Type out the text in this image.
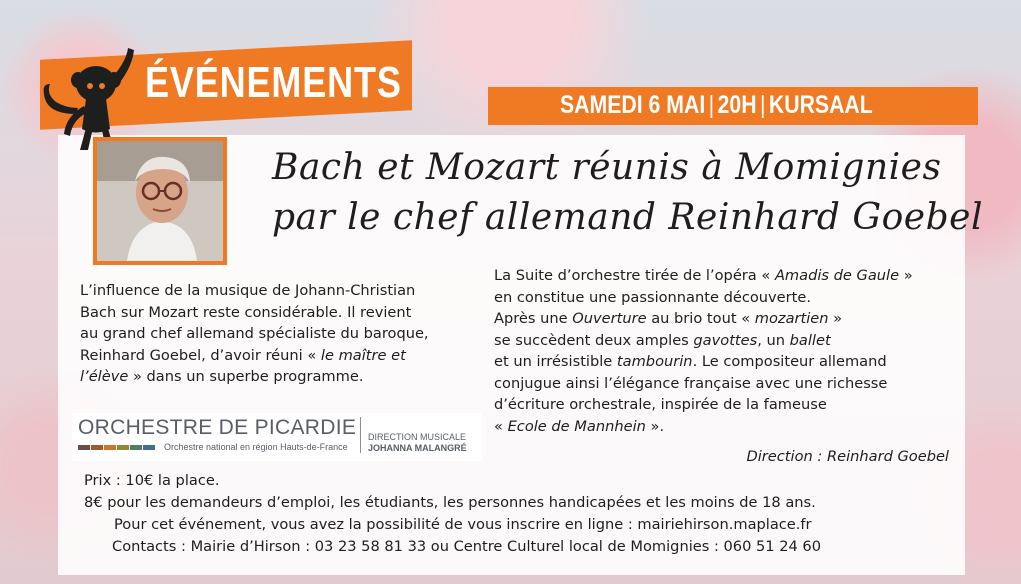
ÉVÉNEMENTS	SAMEDI 6 MAI | 20H | KURSAAL
Bach et Mozart réunis à Momignies
par le chef allemand Reinhard Goebel
L’influence de la musique de Johann-Christian
Bach sur Mozart reste considérable. Il revient
au grand chef allemand spécialiste du baroque,
Reinhard Goebel, d’avoir réuni « le maître et
l’élève » dans un superbe programme.
La Suite d’orchestre tirée de l’opéra « Amadis de Gaule »
en constitue une passionnante découverte.
Après une Ouverture au brio tout « mozartien »
se succèdent deux amples gavottes, un ballet
et un irrésistible tambourin. Le compositeur allemand
conjugue ainsi l’élégance française avec une richesse
d’écriture orchestrale, inspirée de la fameuse
« Ecole de Mannhein ».
Direction : Reinhard Goebel
ORCHESTRE DE PICARDIE
Orchestre national en région Hauts-de-France
DIRECTION MUSICALE
JOHANNA MALANGRÉ
Prix : 10€ la place.
8€ pour les demandeurs d’emploi, les étudiants, les personnes handicapées et les moins de 18 ans.
Pour cet événement, vous avez la possibilité de vous inscrire en ligne : mairiehirson.maplace.fr
Contacts : Mairie d’Hirson : 03 23 58 81 33 ou Centre Culturel local de Momignies : 060 51 24 60
